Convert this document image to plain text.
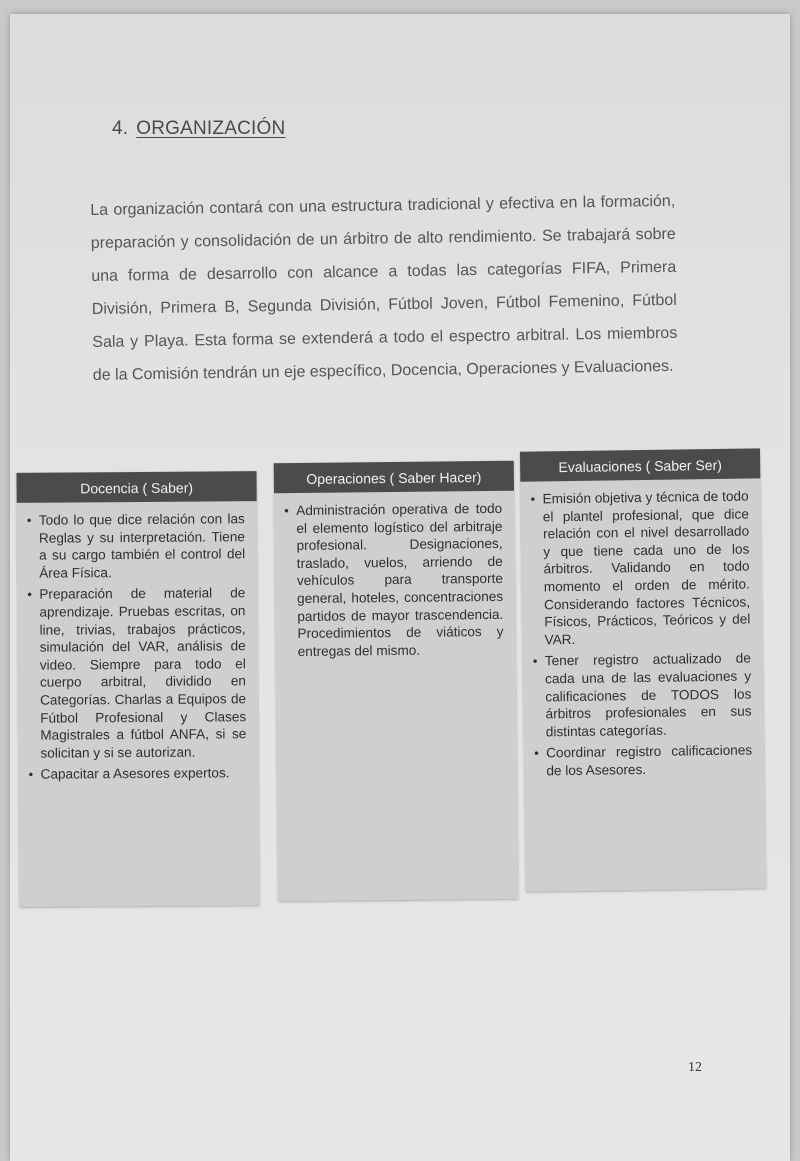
4. ORGANIZACIÓN

La organización contará con una estructura tradicional y efectiva en la formación, preparación y consolidación de un árbitro de alto rendimiento. Se trabajará sobre una forma de desarrollo con alcance a todas las categorías FIFA, Primera División, Primera B, Segunda División, Fútbol Joven, Fútbol Femenino, Fútbol Sala y Playa. Esta forma se extenderá a todo el espectro arbitral. Los miembros de la Comisión tendrán un eje específico, Docencia, Operaciones y Evaluaciones.

Docencia ( Saber)
• Todo lo que dice relación con las Reglas y su interpretación. Tiene a su cargo también el control del Área Física.
• Preparación de material de aprendizaje. Pruebas escritas, on line, trivias, trabajos prácticos, simulación del VAR, análisis de video. Siempre para todo el cuerpo arbitral, dividido en Categorías. Charlas a Equipos de Fútbol Profesional y Clases Magistrales a fútbol ANFA, si se solicitan y si se autorizan.
• Capacitar a Asesores expertos.
Operaciones ( Saber Hacer)
• Administración operativa de todo el elemento logístico del arbitraje profesional. Designaciones, traslado, vuelos, arriendo de vehículos para transporte general, hoteles, concentraciones partidos de mayor trascendencia. Procedimientos de viáticos y entregas del mismo.
Evaluaciones ( Saber Ser)
• Emisión objetiva y técnica de todo el plantel profesional, que dice relación con el nivel desarrollado y que tiene cada uno de los árbitros. Validando en todo momento el orden de mérito. Considerando factores Técnicos, Físicos, Prácticos, Teóricos y del VAR.
• Tener registro actualizado de cada una de las evaluaciones y calificaciones de TODOS los árbitros profesionales en sus distintas categorías.
• Coordinar registro calificaciones de los Asesores.
12
